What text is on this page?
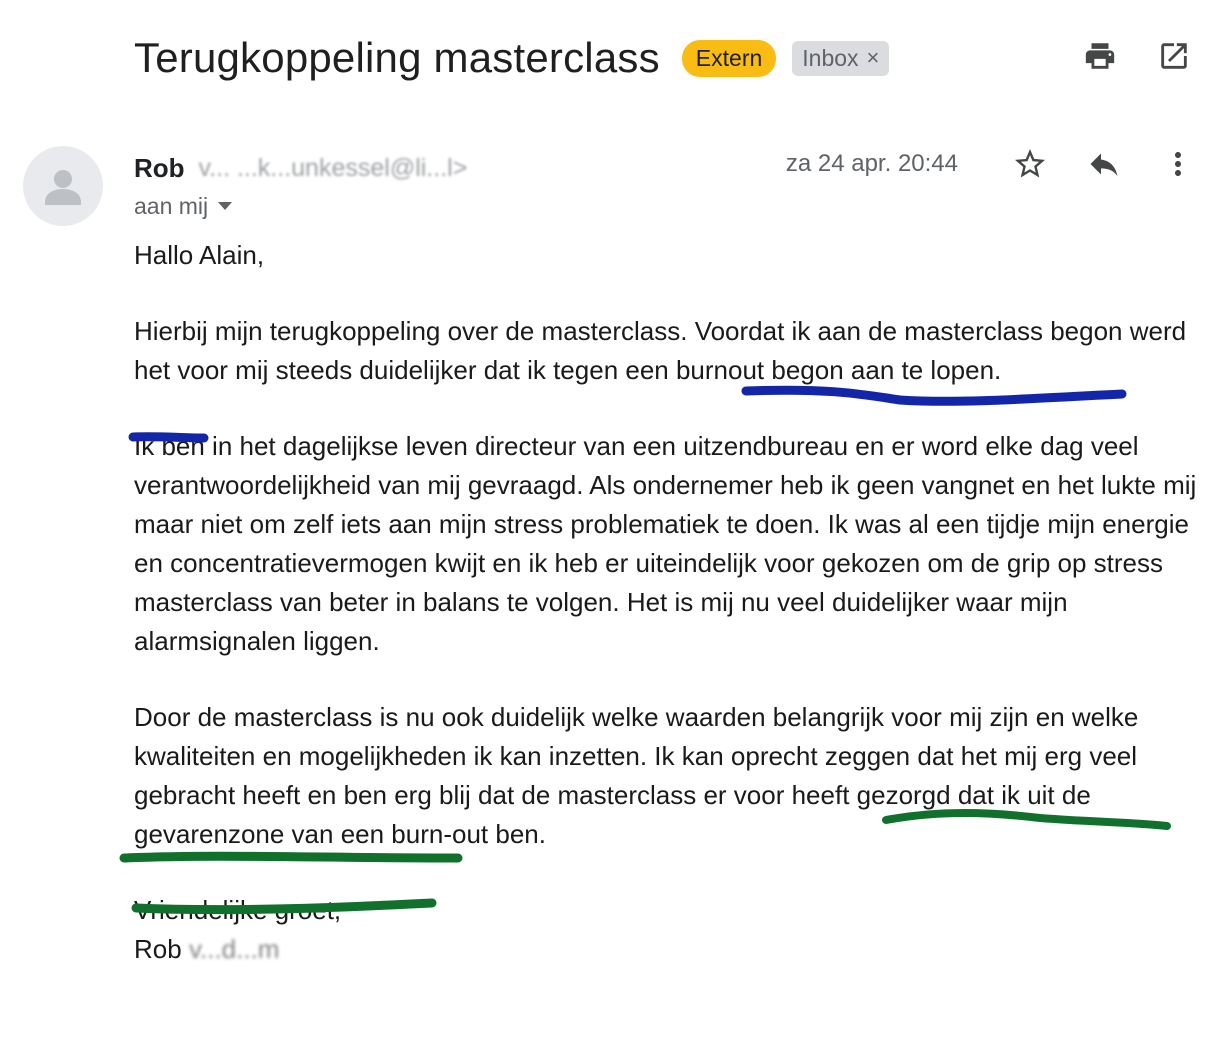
Terugkoppeling masterclass	Extern	Inbox ×
Rob v... ...k...unkessel@li...l>
aan mij
za 24 apr. 20:44

Hallo Alain,

Hierbij mijn terugkoppeling over de masterclass. Voordat ik aan de masterclass begon werd het voor mij steeds duidelijker dat ik tegen een burnout begon aan te lopen.

Ik ben in het dagelijkse leven directeur van een uitzendbureau en er word elke dag veel verantwoordelijkheid van mij gevraagd. Als ondernemer heb ik geen vangnet en het lukte mij maar niet om zelf iets aan mijn stress problematiek te doen. Ik was al een tijdje mijn energie en concentratievermogen kwijt en ik heb er uiteindelijk voor gekozen om de grip op stress masterclass van beter in balans te volgen. Het is mij nu veel duidelijker waar mijn alarmsignalen liggen.

Door de masterclass is nu ook duidelijk welke waarden belangrijk voor mij zijn en welke kwaliteiten en mogelijkheden ik kan inzetten. Ik kan oprecht zeggen dat het mij erg veel gebracht heeft en ben erg blij dat de masterclass er voor heeft gezorgd dat ik uit de gevarenzone van een burn-out ben.

Vriendelijke groet,

Rob v...d...m
